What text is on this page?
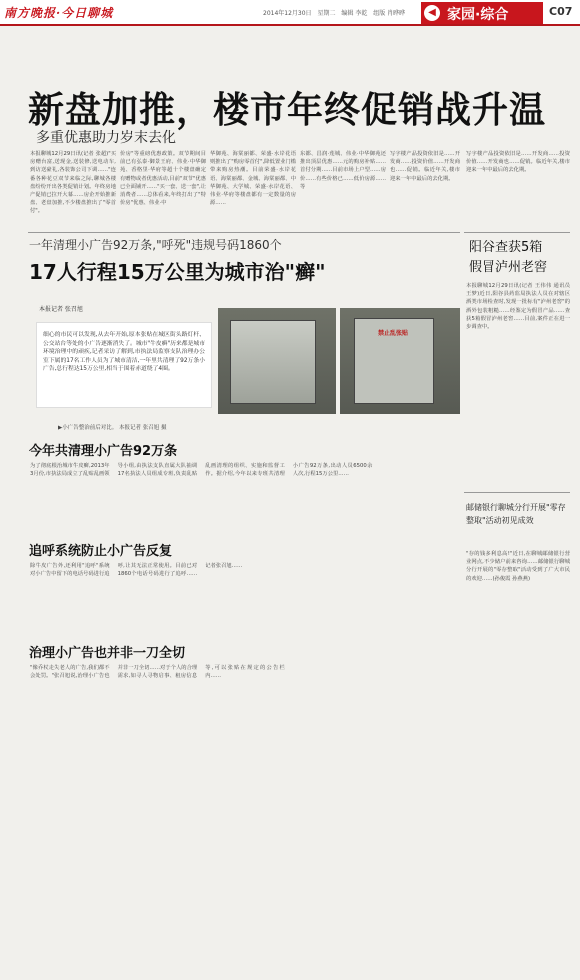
南方晚报·今日聊城	2014年12月30日 星期二 编辑 李乾 组版 肖晔晔	◀ 家园·综合	C07
新盘加推，楼市年终促销战升温
多重优惠助力岁末去化
本报聊城12月29日讯(记者 张超)"买房赠台富,送现金,送装修,送电动车,到访送豪礼,各装饰公司下调……"连番各种花豆双节来临之际,聊城各楼盘纷纷开出各类促销计划。年终房地产促销已拉开大幕……房企开始推新盘、老盘加推,不少楼盘推出了"零首付"。
价房"等重磅优惠政策。双节期间目前已有弘泰·御景王府、伟业·中华御苑、香格里·华府等超十个楼盘确定有赠物或者优惠活动,目前"双节"优惠已全面铺开……"买一套、送一套",让消费者……总体看来,年终打出了"特价房"优惠、伟业·中
华御苑、海棠丽都、荣盛·水岸花语则推出了"购房零首付",降低置业门槛带来购房热潮。目前荣盛·水岸花语、海棠丽都、金城、海棠丽都、中华御苑、大学城、荣盛·水岸花语、伟业·华府等楼盘都有一定数量的房源……
东都、昌润·莲城、伟业·中华御苑还推出顶层优惠……元的购房补贴……首付分期……目前市场上户型……房价……有些价格已……低价房源……等
写字楼产品投资依旧是……开发商……投资价值……开发商也……促销。临近年关,楼市迎来一年中最后的去化期。
写字楼产品投资依旧是……开发商……投资价值……开发商也……促销。临近年关,楼市迎来一年中最后的去化期。
一年清理小广告92万条,"呼死"违规号码1860个
17人行程15万公里为城市治"癣"
本报记者 张召旭
细心的市民可以发现,从去年开始,原本张贴在城区街头路灯杆、公交站台等处的小广告逐渐消失了。城市"牛皮癣"历来都是城市环境治理中的顽疾,记者采访了解到,市执法局监察支队治理办公室下属的17名工作人员为了城市清洁,一年里共清理了92万条小广告,总行程达15万公里,相当于围着赤道绕了4圈。
禁止乱张贴
▶小广告整治前后对比。 本报记者 张召旭 摄
今年共清理小广告92万条
为了彻底根治城市牛皮癣,2013年3月份,市执法局成立了乱贴乱画领导小组,由执法支队直属大队抽调17名执法人员组成专班,负责乱贴乱画清理的组织、实施和监督工作。据介绍,今年以来专班共清理小广告92万条,出动人员6500余人次,行程15万公里……
追呼系统防止小广告反复
除牛皮广告外,还利用"追呼"系统对小广告中留下的电话号码进行追呼,让其无法正常使用。目前已对1860个电话号码进行了追呼……记者张召旭……
治理小广告也并非一刀全切
"像乔杖走失老人的广告,我们都不会处罚。"张召旭说,治理小广告也并非一刀全切……对于个人的合理需求,如寻人寻物启事、租房信息等,可以张贴在规定的公告栏内……
阳谷查获5箱
假冒泸州老窖
本报聊城12月29日讯(记者 王伟伟 通讯员 王梦)近日,阳谷县药监局执法人员在对辖区酒类市场检查时,发现一批标有"泸州老窖"的酒外包装粗糙……经鉴定为假冒产品……查获5箱假冒泸州老窖……目前,案件正在进一步调查中。
邮储银行聊城分行开展"零存整取"活动初见成效
"存的钱多利息高!"近日,在聊城邮储银行营业网点,不少储户前来咨询……邮储银行聊城分行开展的"零存整取"活动受到了广大市民的欢迎……(孙俊霞 孙燕燕)
